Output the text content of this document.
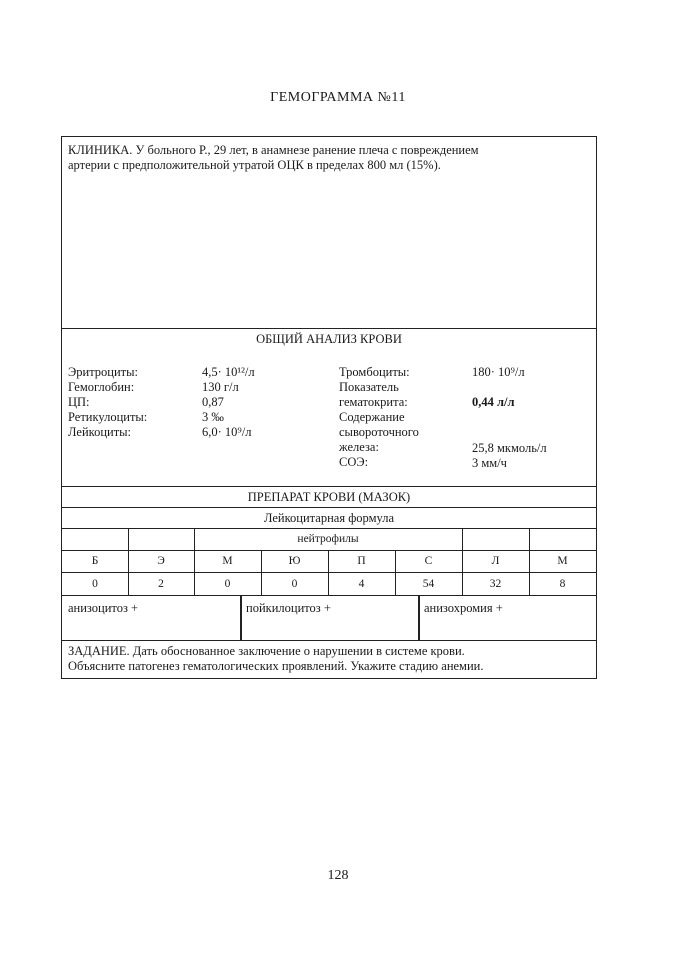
ГЕМОГРАММА №11
КЛИНИКА. У больного Р., 29 лет, в анамнезе ранение плеча с повреждением
артерии с предположительной утратой ОЦК в пределах 800 мл (15%).
ОБЩИЙ АНАЛИЗ КРОВИ
Эритроциты:	4,5· 10¹²/л
Гемоглобин:	130 г/л
ЦП:	0,87
Ретикулоциты:	3 ‰
Лейкоциты:	6,0· 10⁹/л
Тромбоциты:	180· 10⁹/л
Показатель
гематокрита:	0,44 л/л
Содержание
сывороточного
железа:	25,8 мкмоль/л
СОЭ:	3 мм/ч
ПРЕПАРАТ КРОВИ (МАЗОК)
Лейкоцитарная формула
нейтрофилы
Б	Э	М	Ю	П	С	Л	М
0	2	0	0	4	54	32	8
анизоцитоз +	пойкилоцитоз +	анизохромия +
ЗАДАНИЕ. Дать обоснованное заключение о нарушении в системе крови.
Объясните патогенез гематологических проявлений. Укажите стадию анемии.
128
